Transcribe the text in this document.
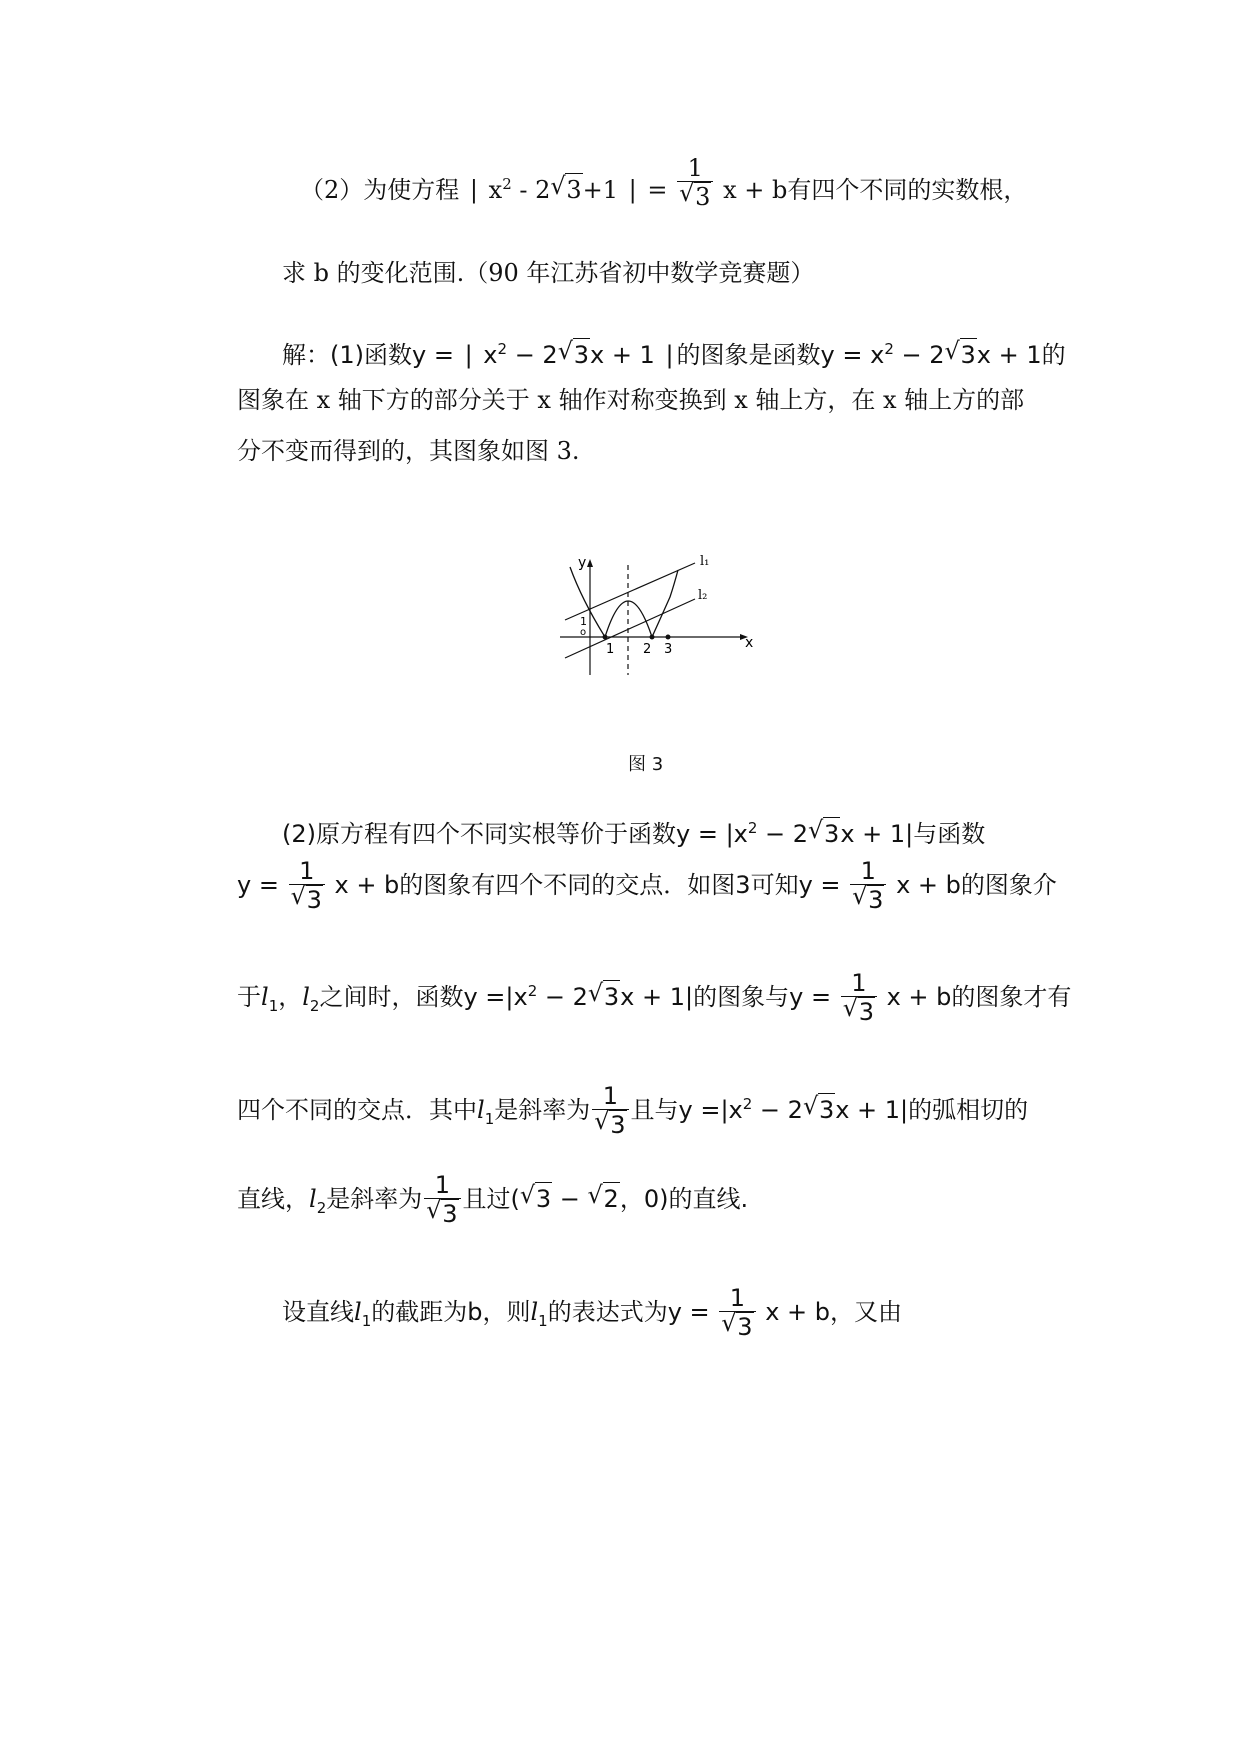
（2）为使方程 | $x^2 - 2√$ 3+1 | = 1
√ 3 x + b有四个不同的实数根，
求 b 的变化范围.（90 年江苏省初中数学竞赛题）
解：(1)函数y = | $x^2 - 2√$ 3x + 1 | 的图象是函数$y = x^2 - 2√$ 3x + 1的
图象在 x 轴下方的部分关于 x 轴作对称变换到 x 轴上方，在 x 轴上方的部
分不变而得到的，其图象如图 3.
y
x
l₁
l₂
1
o
1 2 3
图 3
(2)原方程有四个不同实根等价于函数$y = |x^2 - 2√$ 3x + 1|与函数
y = 1
√ 3 x + b的图象有四个不同的交点．如图3可知y = 1
√ 3 x + b的图象介
于$l_1$，$l_2$之间时，函数$y =|x^2 - 2√$ 3x + 1|的图象与y = 1
√ 3 x + b的图象才有
四个不同的交点．其中$l_1$是斜率为 1
√ 3 且与$y =|x^2 - 2√$ 3x + 1|的弧相切的
直线，$l_2$是斜率为 1
√ 3 且过(√ 3 − √ 2，0)的直线.
设直线$l_1$的截距为b，则$l_1$的表达式为y = 1
√ 3 x + b，又由
